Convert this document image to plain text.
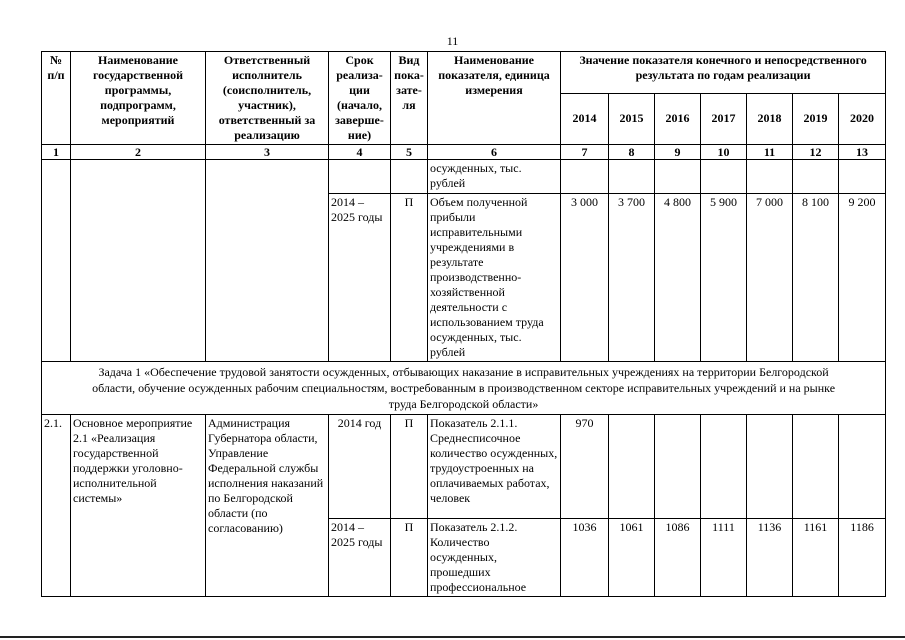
11
№ п/п	Наименование государственной программы, подпрограмм, мероприятий	Ответственный исполнитель (соисполнитель, участник), ответственный за реализацию	Срок реализа-ции (начало, заверше-ние)	Вид пока-зате-ля	Наименование показателя, единица измерения	Значение показателя конечного и непосредственного результата по годам реализации						
						2014	2015	2016	2017	2018	2019	2020
1	2	3	4	5	6	7	8	9	10	11	12	13
					осужденных, тыс. рублей							
			2014 – 2025 годы	П	Объем полученной прибыли исправительными учреждениями в результате производственно-хозяйственной деятельности с использованием труда осужденных, тыс. рублей	3 000	3 700	4 800	5 900	7 000	8 100	9 200
Задача 1 «Обеспечение трудовой занятости осужденных, отбывающих наказание в исправительных учреждениях на территории Белгородской области, обучение осужденных рабочим специальностям, востребованным в производственном секторе исправительных учреждений и на рынке труда Белгородской области»												
2.1.	Основное мероприятие 2.1 «Реализация государственной поддержки уголовно-исполнительной системы»	Администрация Губернатора области, Управление Федеральной службы исполнения наказаний по Белгородской области (по согласованию)	2014 год	П	Показатель 2.1.1. Среднесписочное количество осужденных, трудоустроенных на оплачиваемых работах, человек	970						
			2014 – 2025 годы	П	Показатель 2.1.2. Количество осужденных, прошедших профессиональное	1036	1061	1086	1111	1136	1161	1186
